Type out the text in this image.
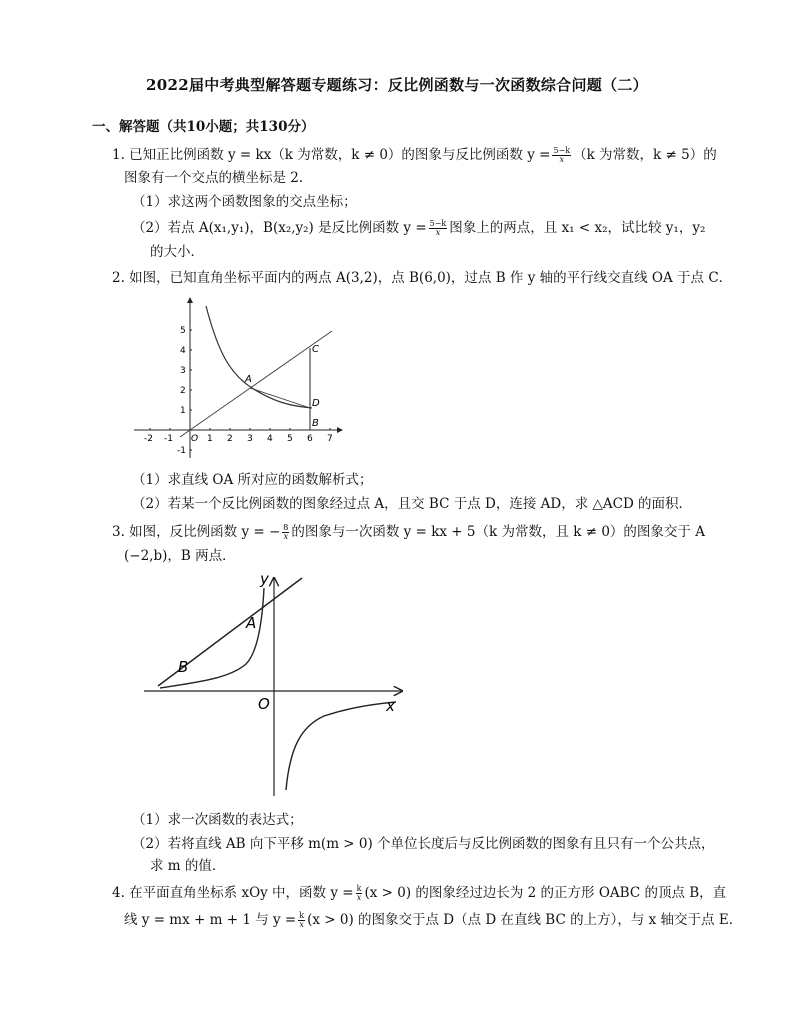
2022届中考典型解答题专题练习：反比例函数与一次函数综合问题（二）
一、解答题（共10小题；共130分）
1. 已知正比例函数 y = kx（k 为常数，k ≠ 0）的图象与反比例函数 $y = \frac{5-k}{x} (k$ 为常数，k ≠ 5）的
图象有一个交点的横坐标是 2．
（1）求这两个函数图象的交点坐标；
（2）若点 A(x₁,y₁)，B(x₂,y₂) 是反比例函数 $y = \frac{5-k}{x}$ 图象上的两点，且 x₁ < x₂，试比较 y₁，y₂
的大小．
2. 如图，已知直角坐标平面内的两点 A(3,2)，点 B(6,0)，过点 B 作 y 轴的平行线交直线 OA 于点 C．
-2 -1	1 2 3 4 5 6 7
5
4
3
2
1
-1
O
A
C
D
B
（1）求直线 OA 所对应的函数解析式；
（2）若某一个反比例函数的图象经过点 A，且交 BC 于点 D，连接 AD，求 △ACD 的面积．
3. 如图，反比例函数 y = − $\frac{8}{x}$ 的图象与一次函数 y = kx + 5（k 为常数，且 k ≠ 0）的图象交于 A
(−2,b)，B 两点．
y
A
B
O	x
（1）求一次函数的表达式；
（2）若将直线 AB 向下平移 m(m > 0) 个单位长度后与反比例函数的图象有且只有一个公共点，
求 m 的值．
4. 在平面直角坐标系 xOy 中，函数 $y = \frac{k}{x} (x > 0)$ 的图象经过边长为 2 的正方形 OABC 的顶点 B，直
线 y = mx + m + 1 与 $y = \frac{k}{x} (x > 0)$ 的图象交于点 D（点 D 在直线 BC 的上方），与 x 轴交于点 E．
